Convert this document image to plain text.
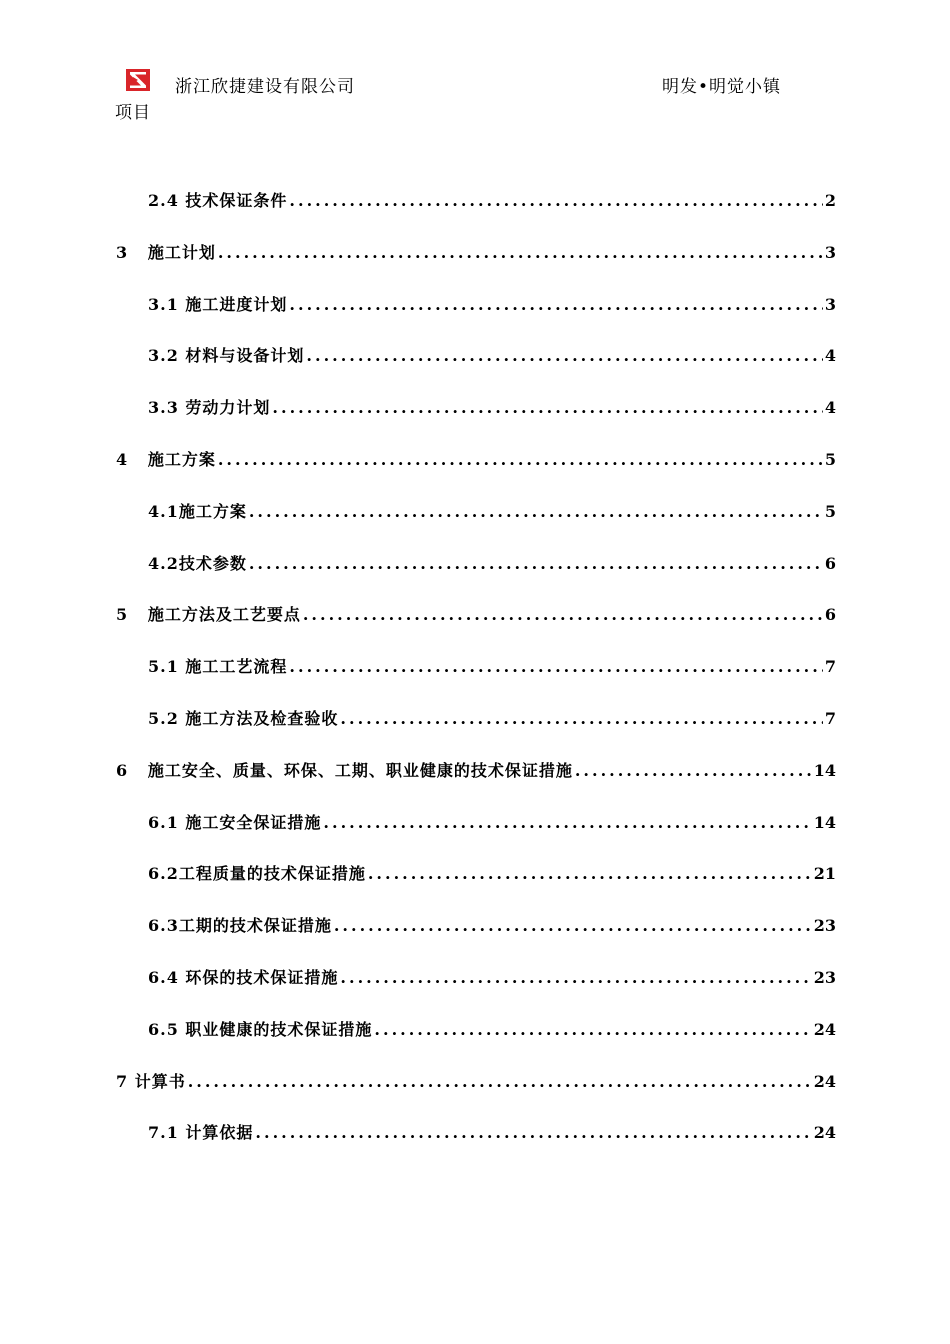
浙江欣捷建设有限公司	明发•明觉小镇
项目
2.4 技术保证条件 .....	2
3 施工计划 .....	3
3.1 施工进度计划 .....	3
3.2 材料与设备计划 .....	4
3.3 劳动力计划 .....	4
4 施工方案 .....	5
4.1 施工方案 .....	5
4.2 技术参数 .....	6
5 施工方法及工艺要点 .....	6
5.1 施工工艺流程 .....	7
5.2 施工方法及检查验收 .....	7
6 施工安全、质量、环保、工期、职业健康的技术保证措施 .....	14
6.1 施工安全保证措施 .....	14
6.2 工程质量的技术保证措施 .....	21
6.3 工期的技术保证措施 .....	23
6.4 环保的技术保证措施 .....	23
6.5 职业健康的技术保证措施 .....	24
7 计算书 .....	24
7.1 计算依据 .....	24
